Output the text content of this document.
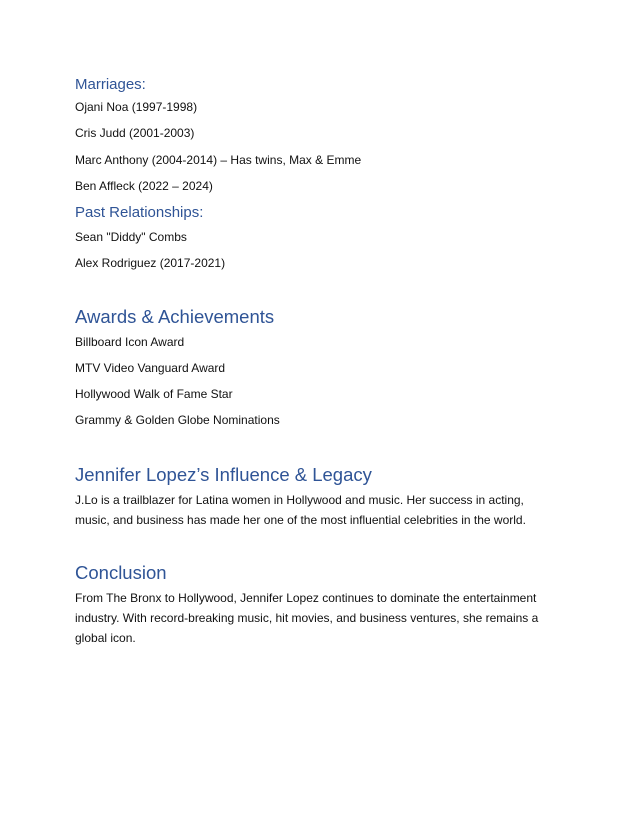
Marriages:
Ojani Noa (1997-1998)
Cris Judd (2001-2003)
Marc Anthony (2004-2014) – Has twins, Max & Emme
Ben Affleck (2022 – 2024)
Past Relationships:
Sean "Diddy" Combs
Alex Rodriguez (2017-2021)
Awards & Achievements
Billboard Icon Award
MTV Video Vanguard Award
Hollywood Walk of Fame Star
Grammy & Golden Globe Nominations
Jennifer Lopez’s Influence & Legacy
J.Lo is a trailblazer for Latina women in Hollywood and music. Her success in acting, music, and business has made her one of the most influential celebrities in the world.
Conclusion
From The Bronx to Hollywood, Jennifer Lopez continues to dominate the entertainment industry. With record-breaking music, hit movies, and business ventures, she remains a global icon.
